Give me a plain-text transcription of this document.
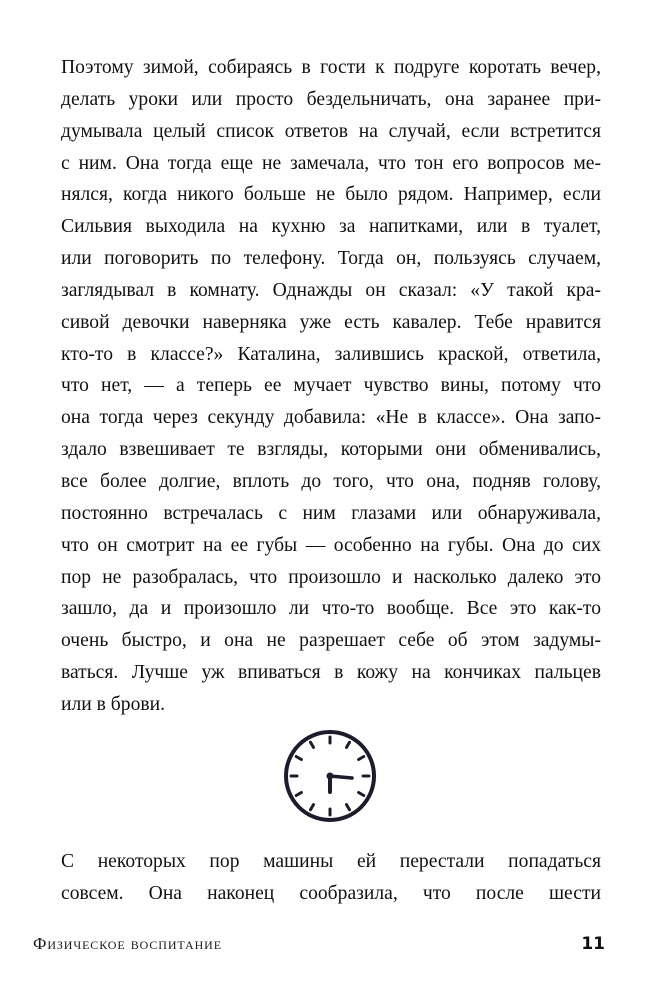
Поэтому зимой, собираясь в гости к подруге коротать вечер,
делать уроки или просто бездельничать, она заранее при-
думывала целый список ответов на случай, если встретится
с ним. Она тогда еще не замечала, что тон его вопросов ме-
нялся, когда никого больше не было рядом. Например, если
Сильвия выходила на кухню за напитками, или в туалет,
или поговорить по телефону. Тогда он, пользуясь случаем,
заглядывал в комнату. Однажды он сказал: «У такой кра-
сивой девочки наверняка уже есть кавалер. Тебе нравится
кто-то в классе?» Каталина, залившись краской, ответила,
что нет, — а теперь ее мучает чувство вины, потому что
она тогда через секунду добавила: «Не в классе». Она запо-
здало взвешивает те взгляды, которыми они обменивались,
все более долгие, вплоть до того, что она, подняв голову,
постоянно встречалась с ним глазами или обнаруживала,
что он смотрит на ее губы — особенно на губы. Она до сих
пор не разобралась, что произошло и насколько далеко это
зашло, да и произошло ли что-то вообще. Все это как-то
очень быстро, и она не разрешает себе об этом задумы-
ваться. Лучше уж впиваться в кожу на кончиках пальцев
или в брови.
С некоторых пор машины ей перестали попадаться
совсем. Она наконец сообразила, что после шести
Физическое воспитание	11
